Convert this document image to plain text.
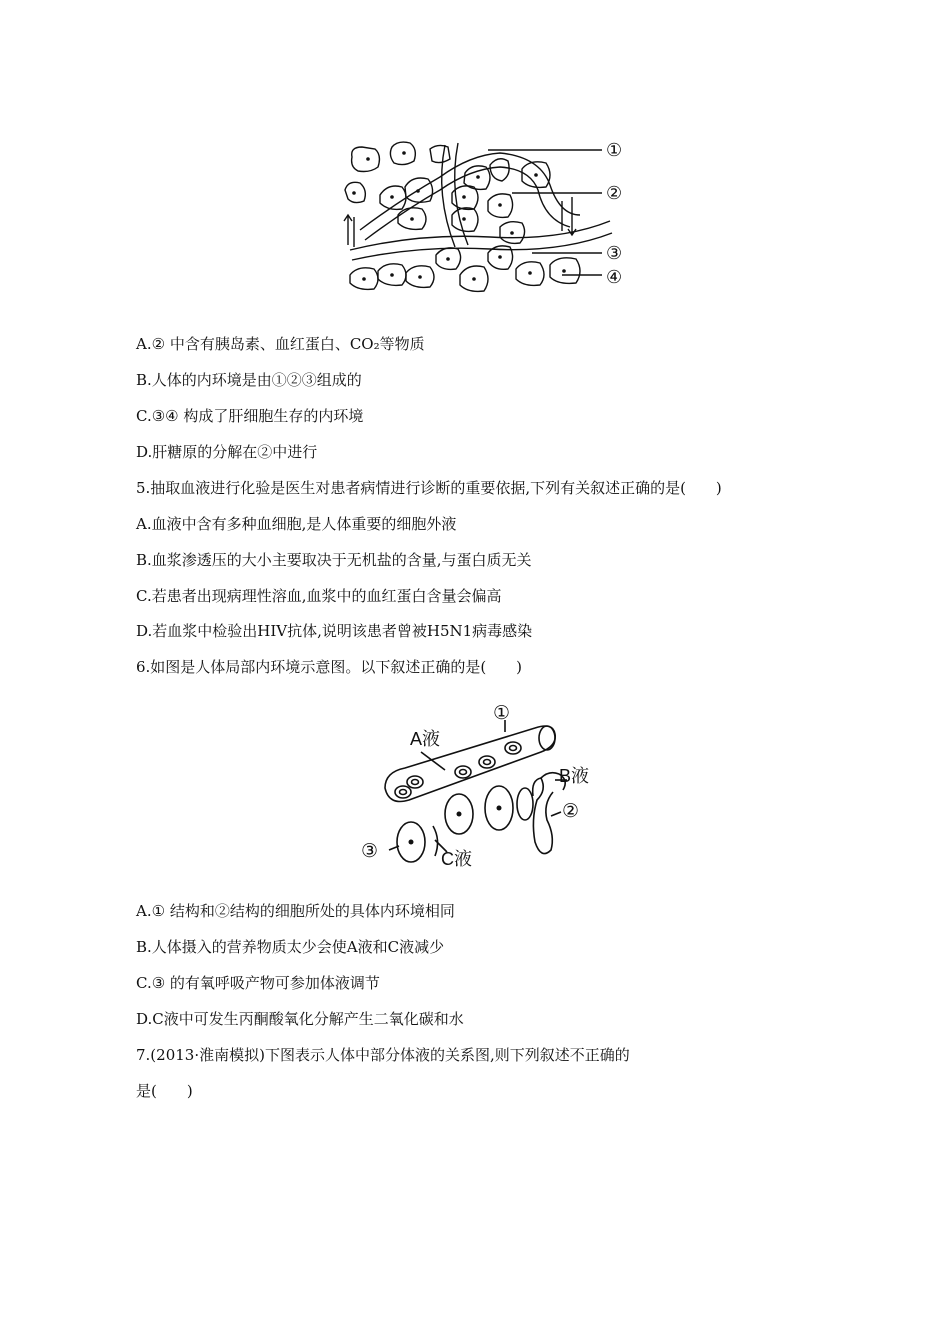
①
②
③
④
A.② 中含有胰岛素、血红蛋白、CO₂等物质
B.人体的内环境是由①②③组成的
C.③④ 构成了肝细胞生存的内环境
D.肝糖原的分解在②中进行
5.抽取血液进行化验是医生对患者病情进行诊断的重要依据,下列有关叙述正确的是(　　)
A.血液中含有多种血细胞,是人体重要的细胞外液
B.血浆渗透压的大小主要取决于无机盐的含量,与蛋白质无关
C.若患者出现病理性溶血,血浆中的血红蛋白含量会偏高
D.若血浆中检验出HIV抗体,说明该患者曾被H5N1病毒感染
6.如图是人体局部内环境示意图。以下叙述正确的是(　　)
A液
①
B液
②
③	C液
A.① 结构和②结构的细胞所处的具体内环境相同
B.人体摄入的营养物质太少会使A液和C液减少
C.③ 的有氧呼吸产物可参加体液调节
D.C液中可发生丙酮酸氧化分解产生二氧化碳和水
7.(2013·淮南模拟)下图表示人体中部分体液的关系图,则下列叙述不正确的
是(　　)
